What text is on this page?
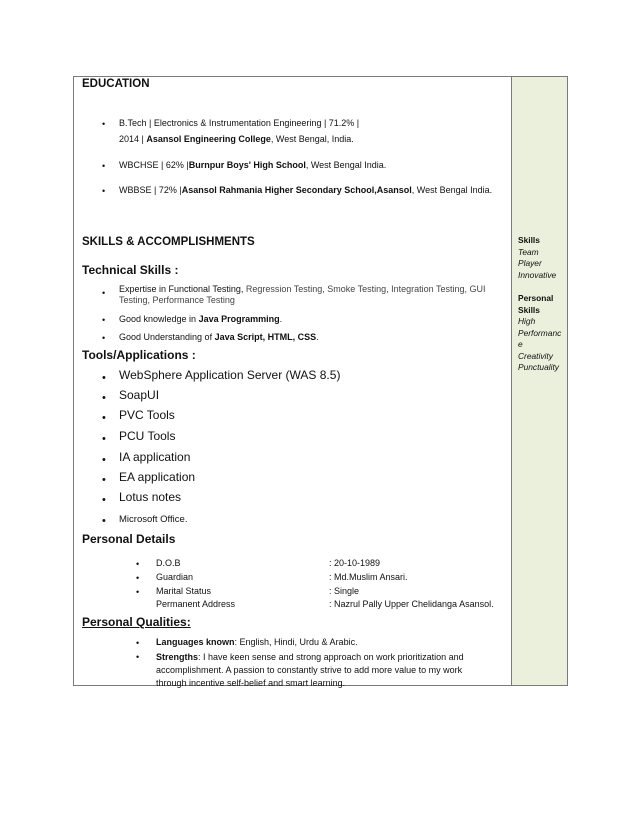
EDUCATION
• B.Tech | Electronics & Instrumentation Engineering | 71.2% |
2014 | Asansol Engineering College, West Bengal, India.
• WBCHSE | 62% |Burnpur Boys' High School, West Bengal India.
• WBBSE | 72% |Asansol Rahmania Higher Secondary School,Asansol, West Bengal India.
SKILLS & ACCOMPLISHMENTS
Technical Skills :
• Expertise in Functional Testing, Regression Testing, Smoke Testing, Integration Testing, GUI
Testing, Performance Testing
• Good knowledge in Java Programming.
• Good Understanding of Java Script, HTML, CSS.
Tools/Applications :
• WebSphere Application Server (WAS 8.5)
• SoapUI
• PVC Tools
• PCU Tools
• IA application
• EA application
• Lotus notes
• Microsoft Office.
Personal Details
• D.O.B	: 20-10-1989
• Guardian	: Md.Muslim Ansari.
• Marital Status	: Single
Permanent Address	: Nazrul Pally Upper Chelidanga Asansol.
Personal Qualities:
• Languages known: English, Hindi, Urdu & Arabic.
• Strengths: I have keen sense and strong approach on work prioritization and
accomplishment. A passion to constantly strive to add more value to my work
through incentive self-belief and smart learning.
Skills
Team
Player
Innovative
Personal
Skills
High
Performanc
e
Creativity
Punctuality
